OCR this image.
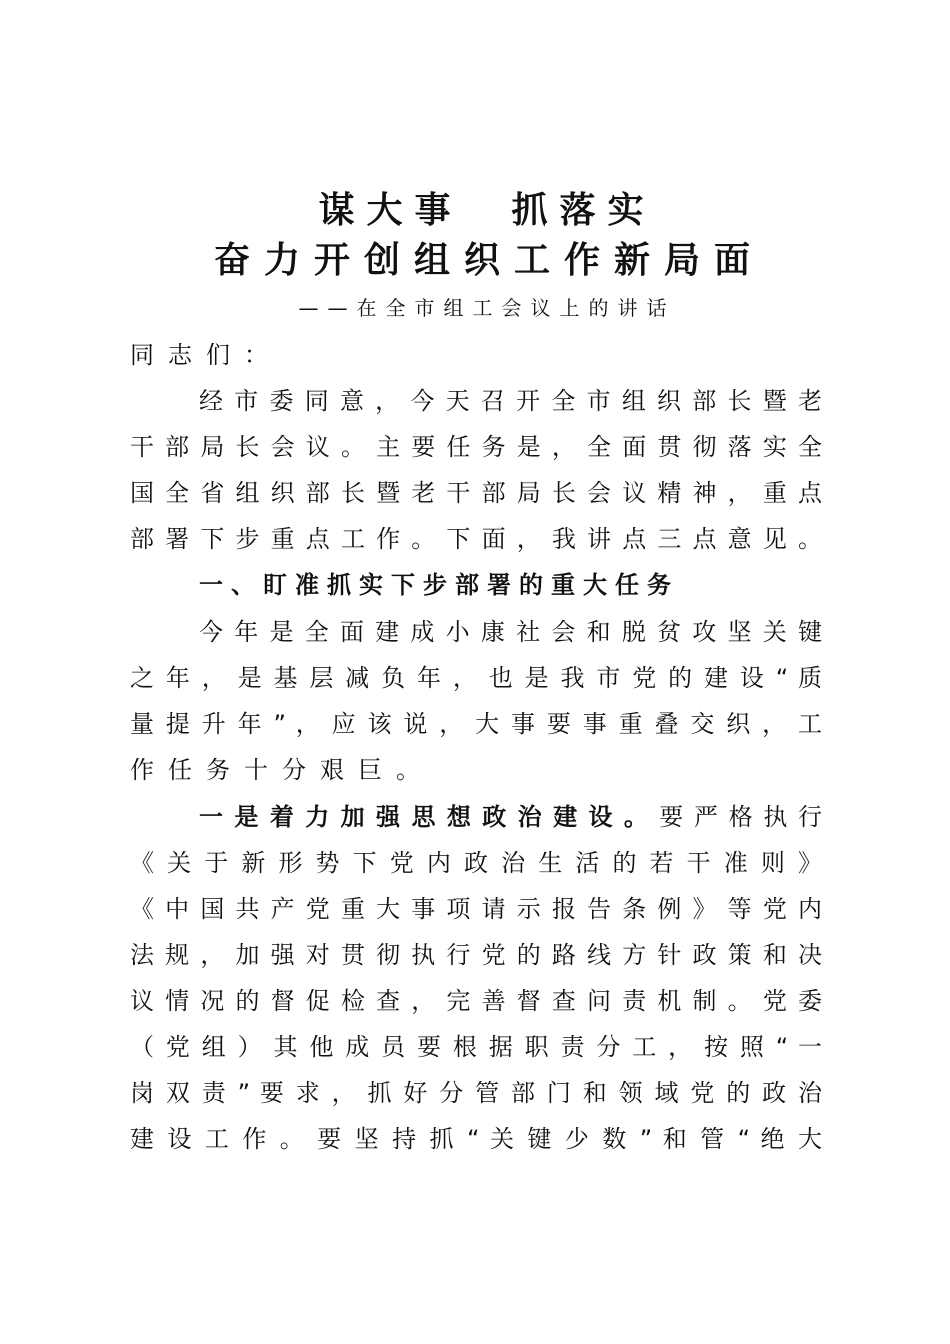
谋大事  抓落实
奋力开创组织工作新局面
——在全市组工会议上的讲话
同志们：
经 市 委 同 意 ， 今 天 召 开 全 市 组 织 部 长 暨 老
干 部 局 长 会 议 。 主 要 任 务 是 ， 全 面 贯 彻 落 实 全
国 全 省 组 织 部 长 暨 老 干 部 局 长 会 议 精 神 ， 重 点
部 署 下 步 重 点 工 作 。 下 面 ， 我 讲 点 三 点 意 见 。
一、盯准抓实下步部署的重大任务
今 年 是 全 面 建 成 小 康 社 会 和 脱 贫 攻 坚 关 键
之 年 ， 是 基 层 减 负 年 ， 也 是 我 市 党 的 建 设 “ 质
量 提 升 年 ” ， 应 该 说 ， 大 事 要 事 重 叠 交 织 ， 工
作任务十分艰巨。
一 是 着 力 加 强 思 想 政 治 建 设 。 要 严 格 执 行
《 关 于 新 形 势 下 党 内 政 治 生 活 的 若 干 准 则 》
《 中 国 共 产 党 重 大 事 项 请 示 报 告 条 例 》 等 党 内
法 规 ， 加 强 对 贯 彻 执 行 党 的 路 线 方 针 政 策 和 决
议 情 况 的 督 促 检 查 ， 完 善 督 查 问 责 机 制 。 党 委
（ 党 组 ） 其 他 成 员 要 根 据 职 责 分 工 ， 按 照 “ 一
岗 双 责 ” 要 求 ， 抓 好 分 管 部 门 和 领 域 党 的 政 治
建 设 工 作 。 要 坚 持 抓 “ 关 键 少 数 ” 和 管 “ 绝 大
